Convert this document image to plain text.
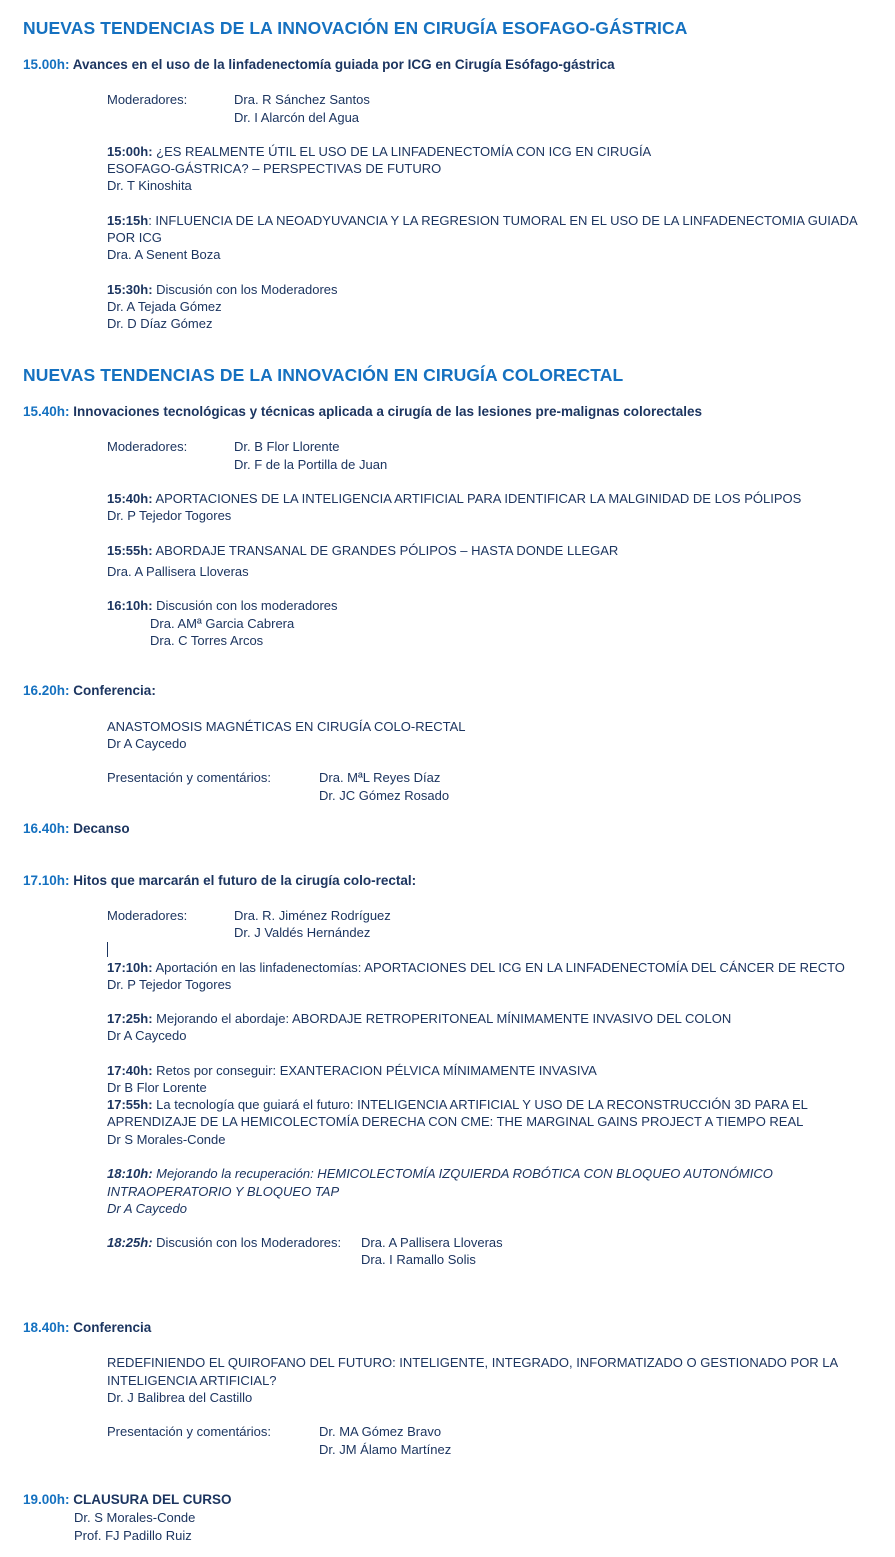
NUEVAS TENDENCIAS DE LA INNOVACIÓN EN CIRUGÍA ESOFAGO-GÁSTRICA
15.00h: Avances en el uso de la linfadenectomía guiada por ICG en Cirugía Esófago-gástrica
Moderadores:	Dra. R Sánchez Santos
Dr. I Alarcón del Agua
15:00h: ¿ES REALMENTE ÚTIL EL USO DE LA LINFADENECTOMÍA CON ICG EN CIRUGÍA
ESOFAGO-GÁSTRICA? – PERSPECTIVAS DE FUTURO
Dr. T Kinoshita
15:15h: INFLUENCIA DE LA NEOADYUVANCIA Y LA REGRESION TUMORAL EN EL USO DE LA LINFADENECTOMIA GUIADA
POR ICG
Dra. A Senent Boza
15:30h: Discusión con los Moderadores
Dr. A Tejada Gómez
Dr. D Díaz Gómez
NUEVAS TENDENCIAS DE LA INNOVACIÓN EN CIRUGÍA COLORECTAL
15.40h: Innovaciones tecnológicas y técnicas aplicada a cirugía de las lesiones pre-malignas colorectales
Moderadores:	Dr. B Flor Llorente
Dr. F de la Portilla de Juan
15:40h: APORTACIONES DE LA INTELIGENCIA ARTIFICIAL PARA IDENTIFICAR LA MALGINIDAD DE LOS PÓLIPOS
Dr. P Tejedor Togores
15:55h: ABORDAJE TRANSANAL DE GRANDES PÓLIPOS – HASTA DONDE LLEGAR
Dra. A Pallisera Lloveras
16:10h: Discusión con los moderadores
Dra. AMª Garcia Cabrera
Dra. C Torres Arcos
16.20h: Conferencia:
ANASTOMOSIS MAGNÉTICAS EN CIRUGÍA COLO-RECTAL
Dr A Caycedo
Presentación y comentários:	Dra. MªL Reyes Díaz
Dr. JC Gómez Rosado
16.40h: Decanso
17.10h: Hitos que marcarán el futuro de la cirugía colo-rectal:
Moderadores:	Dra. R. Jiménez Rodríguez
Dr. J Valdés Hernández
17:10h: Aportación en las linfadenectomías: APORTACIONES DEL ICG EN LA LINFADENECTOMÍA DEL CÁNCER DE RECTO
Dr. P Tejedor Togores
17:25h: Mejorando el abordaje: ABORDAJE RETROPERITONEAL MÍNIMAMENTE INVASIVO DEL COLON
Dr A Caycedo
17:40h: Retos por conseguir: EXANTERACION PÉLVICA MÍNIMAMENTE INVASIVA
Dr B Flor Lorente
17:55h: La tecnología que guiará el futuro: INTELIGENCIA ARTIFICIAL Y USO DE LA RECONSTRUCCIÓN 3D PARA EL
APRENDIZAJE DE LA HEMICOLECTOMÍA DERECHA CON CME: THE MARGINAL GAINS PROJECT A TIEMPO REAL
Dr S Morales-Conde
18:10h: Mejorando la recuperación: HEMICOLECTOMÍA IZQUIERDA ROBÓTICA CON BLOQUEO AUTONÓMICO
INTRAOPERATORIO Y BLOQUEO TAP
Dr A Caycedo
18:25h: Discusión con los Moderadores: Dra. A Pallisera Lloveras
Dra. I Ramallo Solis
18.40h: Conferencia
REDEFINIENDO EL QUIROFANO DEL FUTURO: INTELIGENTE, INTEGRADO, INFORMATIZADO O GESTIONADO POR LA
INTELIGENCIA ARTIFICIAL?
Dr. J Balibrea del Castillo
Presentación y comentários:	Dr. MA Gómez Bravo
Dr. JM Álamo Martínez
19.00h: CLAUSURA DEL CURSO
Dr. S Morales-Conde
Prof. FJ Padillo Ruiz
